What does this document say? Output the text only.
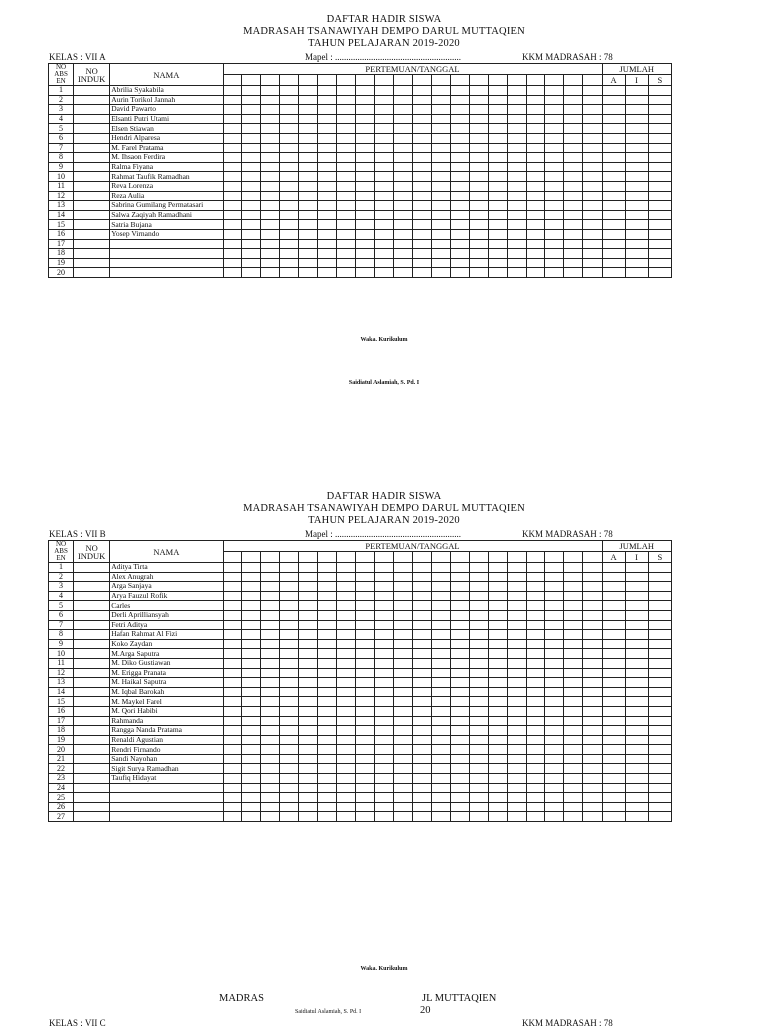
DAFTAR HADIR SISWA
MADRASAH TSANAWIYAH DEMPO DARUL MUTTAQIEN
TAHUN PELAJARAN 2019-2020
KELAS : VII A	Mapel : ........................................................	KKM MADRASAH : 78
NO ABS EN	NO INDUK	NAMA	PERTEMUAN/TANGGAL																				JUMLAH		
																							A	I	S
1		Abrilia Syakabila																							
2		Aurin Torikol Jannah																							
3		David Pawarto																							
4		Elsanti Putri Utami																							
5		Elsen Stiawan																							
6		Hendri Alparesa																							
7		M. Farel Pratama																							
8		M. Ihsaon Ferdira																							
9		Ralma Fiyana																							
10		Rahmat Taufik Ramadhan																							
11		Reva Lorenza																							
12		Reza Aulia																							
13		Sabrina Gumilang Permatasari																							
14		Salwa Zaqiyah Ramadhani																							
15		Satria Bujana																							
16		Yosep Virnando																							
17																									
18																									
19																									
20																									
Waka. Kurikulum
Saidiatul Aslamiah, S. Pd. I
DAFTAR HADIR SISWA
MADRASAH TSANAWIYAH DEMPO DARUL MUTTAQIEN
TAHUN PELAJARAN 2019-2020
KELAS : VII B	Mapel : ........................................................	KKM MADRASAH : 78
NO ABS EN	NO INDUK	NAMA	PERTEMUAN/TANGGAL																				JUMLAH		
																							A	I	S
1		Aditya Tirta																							
2		Alex Anugrah																							
3		Arga Sanjaya																							
4		Arya Fauzul Rofik																							
5		Carles																							
6		Derli Aprilliansyah																							
7		Fetri Aditya																							
8		Hafan Rahmat Al Fizi																							
9		Koko Zaydan																							
10		M.Arga Saputra																							
11		M. Diko Gustiawan																							
12		M. Erigga Pranata																							
13		M. Haikal Saputra																							
14		M. Iqbal Barokah																							
15		M. Maykel Farel																							
16		M. Qori Habibi																							
17		Rahmanda																							
18		Rangga Nanda Pratama																							
19		Renaldi Agustian																							
20		Rendri Firnando																							
21		Sandi Nayohan																							
22		Sigit Surya Ramadhan																							
23		Taufiq Hidayat																							
24																									
25																									
26																									
27																									
Waka. Kurikulum
MADRAS	JL MUTTAQIEN
Saidiatul Aslamiah, S. Pd. I	20
KELAS : VII C	KKM MADRASAH : 78
